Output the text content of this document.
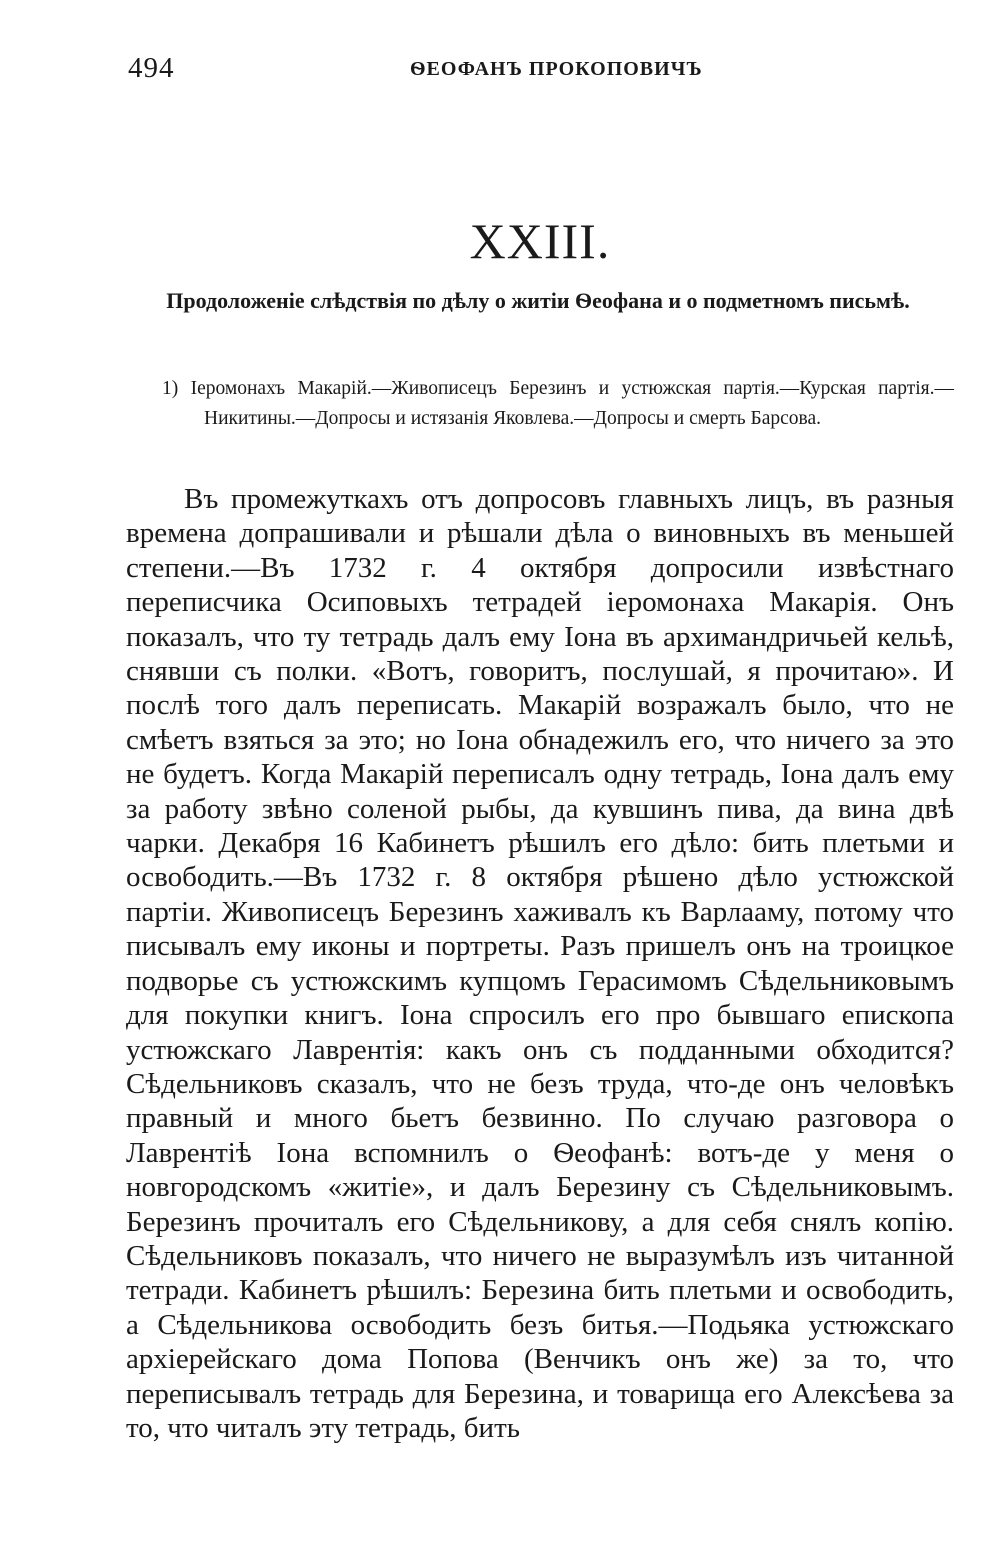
494	ѲЕОФАНЪ ПРОКОПОВИЧЪ
XXIII.
Продоложеніе слѣдствія по дѣлу о житіи Ѳеофана и о подметномъ письмѣ.
1) Іеромонахъ Макарій.—Живописецъ Березинъ и устюжская партія.—Курская партія.—Никитины.—Допросы и истязанія Яковлева.—Допросы и смерть Барсова.

Въ промежуткахъ отъ допросовъ главныхъ лицъ, въ разныя времена допрашивали и рѣшали дѣла о виновныхъ въ меньшей степени.—Въ 1732 г. 4 октября допросили извѣстнаго переписчика Осиповыхъ тетрадей іеромонаха Макарія. Онъ показалъ, что ту тетрадь далъ ему Іона въ архимандричьей кельѣ, снявши съ полки. «Вотъ, говоритъ, послушай, я прочитаю». И послѣ того далъ переписать. Макарій возражалъ было, что не смѣетъ взяться за это; но Іона обнадежилъ его, что ничего за это не будетъ. Когда Макарій переписалъ одну тетрадь, Іона далъ ему за работу звѣно соленой рыбы, да кувшинъ пива, да вина двѣ чарки. Декабря 16 Кабинетъ рѣшилъ его дѣло: бить плетьми и освободить.—Въ 1732 г. 8 октября рѣшено дѣло устюжской партіи. Живописецъ Березинъ хаживалъ къ Варлааму, потому что писывалъ ему иконы и портреты. Разъ пришелъ онъ на троицкое подворье съ устюжскимъ купцомъ Герасимомъ Сѣдельниковымъ для покупки книгъ. Іона спросилъ его про бывшаго епископа устюжскаго Лаврентія: какъ онъ съ подданными обходится? Сѣдельниковъ сказалъ, что не безъ труда, что-де онъ человѣкъ правный и много бьетъ безвинно. По случаю разговора о Лаврентіѣ Іона вспомнилъ о Ѳеофанѣ: вотъ-де у меня о новгородскомъ «житіе», и далъ Березину съ Сѣдельниковымъ. Березинъ прочиталъ его Сѣдельникову, а для себя снялъ копію. Сѣдельниковъ показалъ, что ничего не выразумѣлъ изъ читанной тетради. Кабинетъ рѣшилъ: Березина бить плетьми и освободить, а Сѣдельникова освободить безъ битья.—Подьяка устюжскаго архіерейскаго дома Попова (Венчикъ онъ же) за то, что переписывалъ тетрадь для Березина, и товарища его Алексѣева за то, что читалъ эту тетрадь, бить
